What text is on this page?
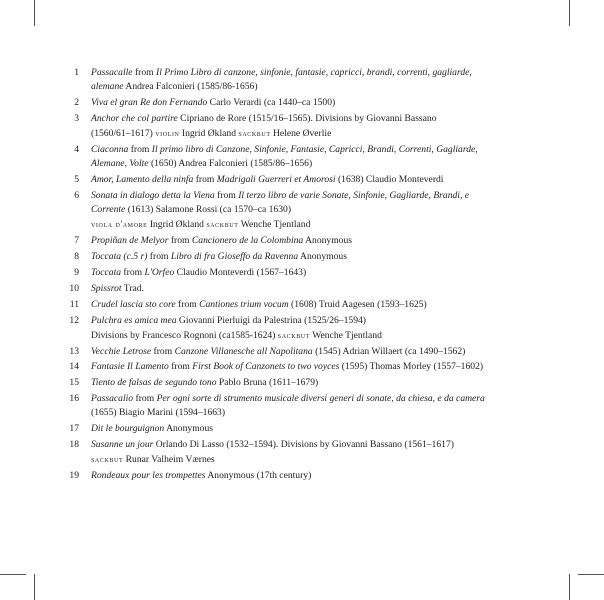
1	Passacalle from Il Primo Libro di canzone, sinfonie, fantasie, capricci, brandi, correnti, gagliarde,
alemane Andrea Falconieri (1585/86-1656)
2	Viva el gran Re don Fernando Carlo Verardi (ca 1440–ca 1500)
3	Anchor che col partire Cipriano de Rore (1515/16–1565). Divisions by Giovanni Bassano
(1560/61–1617) violin Ingrid Økland sackbut Helene Øverlie
4	Ciaconna from Il primo libro di Canzone, Sinfonie, Fantasie, Capricci, Brandi, Correnti, Gagliarde,
Alemane, Volte (1650) Andrea Falconieri (1585/86–1656)
5	Amor, Lamento della ninfa from Madrigali Guerreri et Amorosi (1638) Claudio Monteverdi
6	Sonata in dialogo detta la Viena from Il terzo libro de varie Sonate, Sinfonie, Gagliarde, Brandi, e
Corrente (1613) Salamone Rossi (ca 1570–ca 1630)
viola d'amore Ingrid Økland sackbut Wenche Tjentland
7	Propiñan de Melyor from Cancionero de la Colombina Anonymous
8	Toccata (c.5 r) from Libro di fra Gioseffo da Ravenna Anonymous
9	Toccata from L'Orfeo Claudio Monteverdi (1567–1643)
10	Spissrot Trad.
11	Crudel lascia sto core from Cantiones trium vocum (1608) Truid Aagesen (1593–1625)
12	Pulchra es amica mea Giovanni Pierluigi da Palestrina (1525/26–1594)
Divisions by Francesco Rognoni (ca1585-1624) sackbut Wenche Tjentland
13	Vecchie Letrose from Canzone Villanesche all Napolitana (1545) Adrian Willaert (ca 1490–1562)
14	Fantasie Il Lamento from First Book of Canzonets to two voyces (1595) Thomas Morley (1557–1602)
15	Tiento de falsas de segundo tono Pablo Bruna (1611–1679)
16	Passacalio from Per ogni sorte di strumento musicale diversi generi di sonate, da chiesa, e da camera
(1655) Biagio Marini (1594–1663)
17	Dit le bourguignon Anonymous
18	Susanne un jour Orlando Di Lasso (1532–1594). Divisions by Giovanni Bassano (1561–1617)
sackbut Runar Valheim Værnes
19	Rondeaux pour les trompettes Anonymous (17th century)
